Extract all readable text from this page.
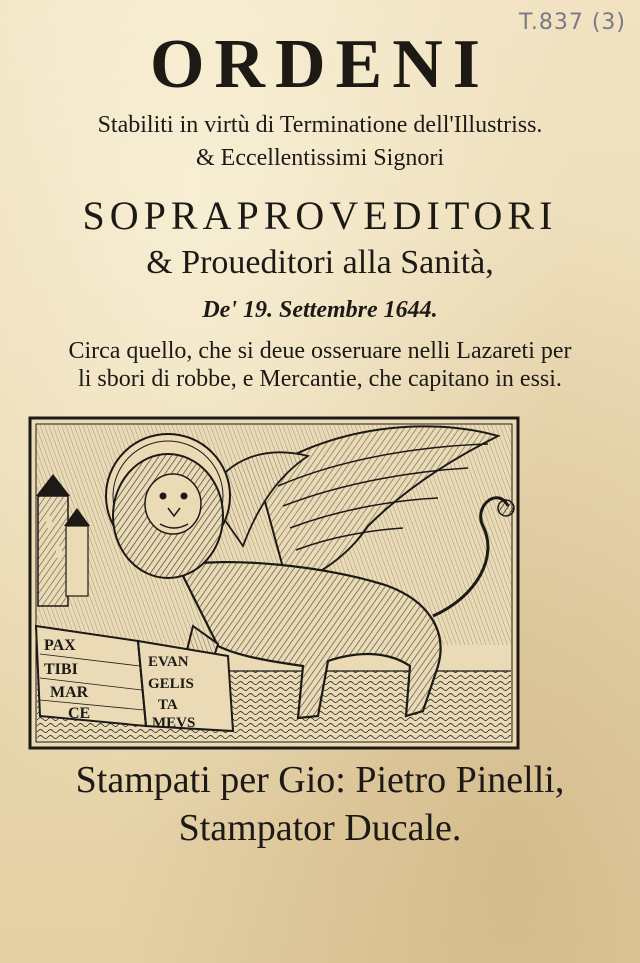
T.837 (3)
ORDENI

Stabiliti in virtù di Terminatione dell'Illustriss.

& Eccellentissimi Signori

SOPRAPROVEDITORI

& Proueditori alla Sanità,

De' 19. Settembre 1644.

Circa quello, che si deue osseruare nelli Lazareti per

li sbori di robbe, e Mercantie, che capitano in essi.

PAX
TIBI
MAR
CE
EVAN
GELIS
TA
MEVS

Stampati per Gio: Pietro Pinelli,

Stampator Ducale.
